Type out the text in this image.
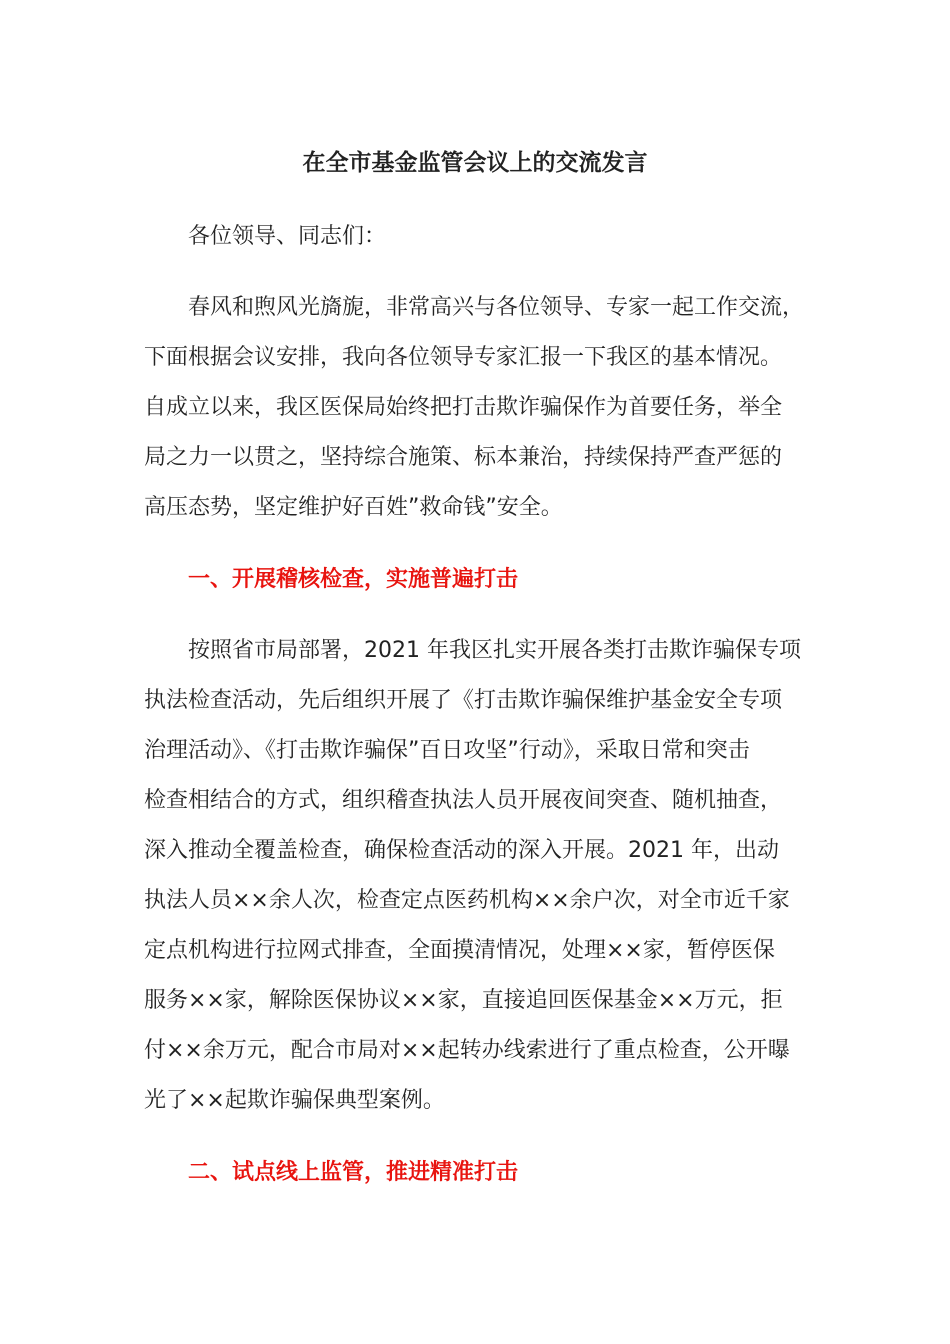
在全市基金监管会议上的交流发言

各位领导、同志们：

春风和煦风光旖旎，非常高兴与各位领导、专家一起工作交流，
下面根据会议安排，我向各位领导专家汇报一下我区的基本情况。
自成立以来，我区医保局始终把打击欺诈骗保作为首要任务，举全
局之力一以贯之，坚持综合施策、标本兼治，持续保持严查严惩的
高压态势，坚定维护好百姓”救命钱”安全。
一、开展稽核检查，实施普遍打击
按照省市局部署，2021 年我区扎实开展各类打击欺诈骗保专项
执法检查活动，先后组织开展了《打击欺诈骗保维护基金安全专项
治理活动》、《打击欺诈骗保”百日攻坚”行动》，采取日常和突击
检查相结合的方式，组织稽查执法人员开展夜间突查、随机抽查，
深入推动全覆盖检查，确保检查活动的深入开展。2021 年，出动
执法人员××余人次，检查定点医药机构××余户次，对全市近千家
定点机构进行拉网式排查，全面摸清情况，处理××家，暂停医保
服务××家，解除医保协议××家，直接追回医保基金××万元，拒
付××余万元，配合市局对××起转办线索进行了重点检查，公开曝
光了××起欺诈骗保典型案例。
二、试点线上监管，推进精准打击
